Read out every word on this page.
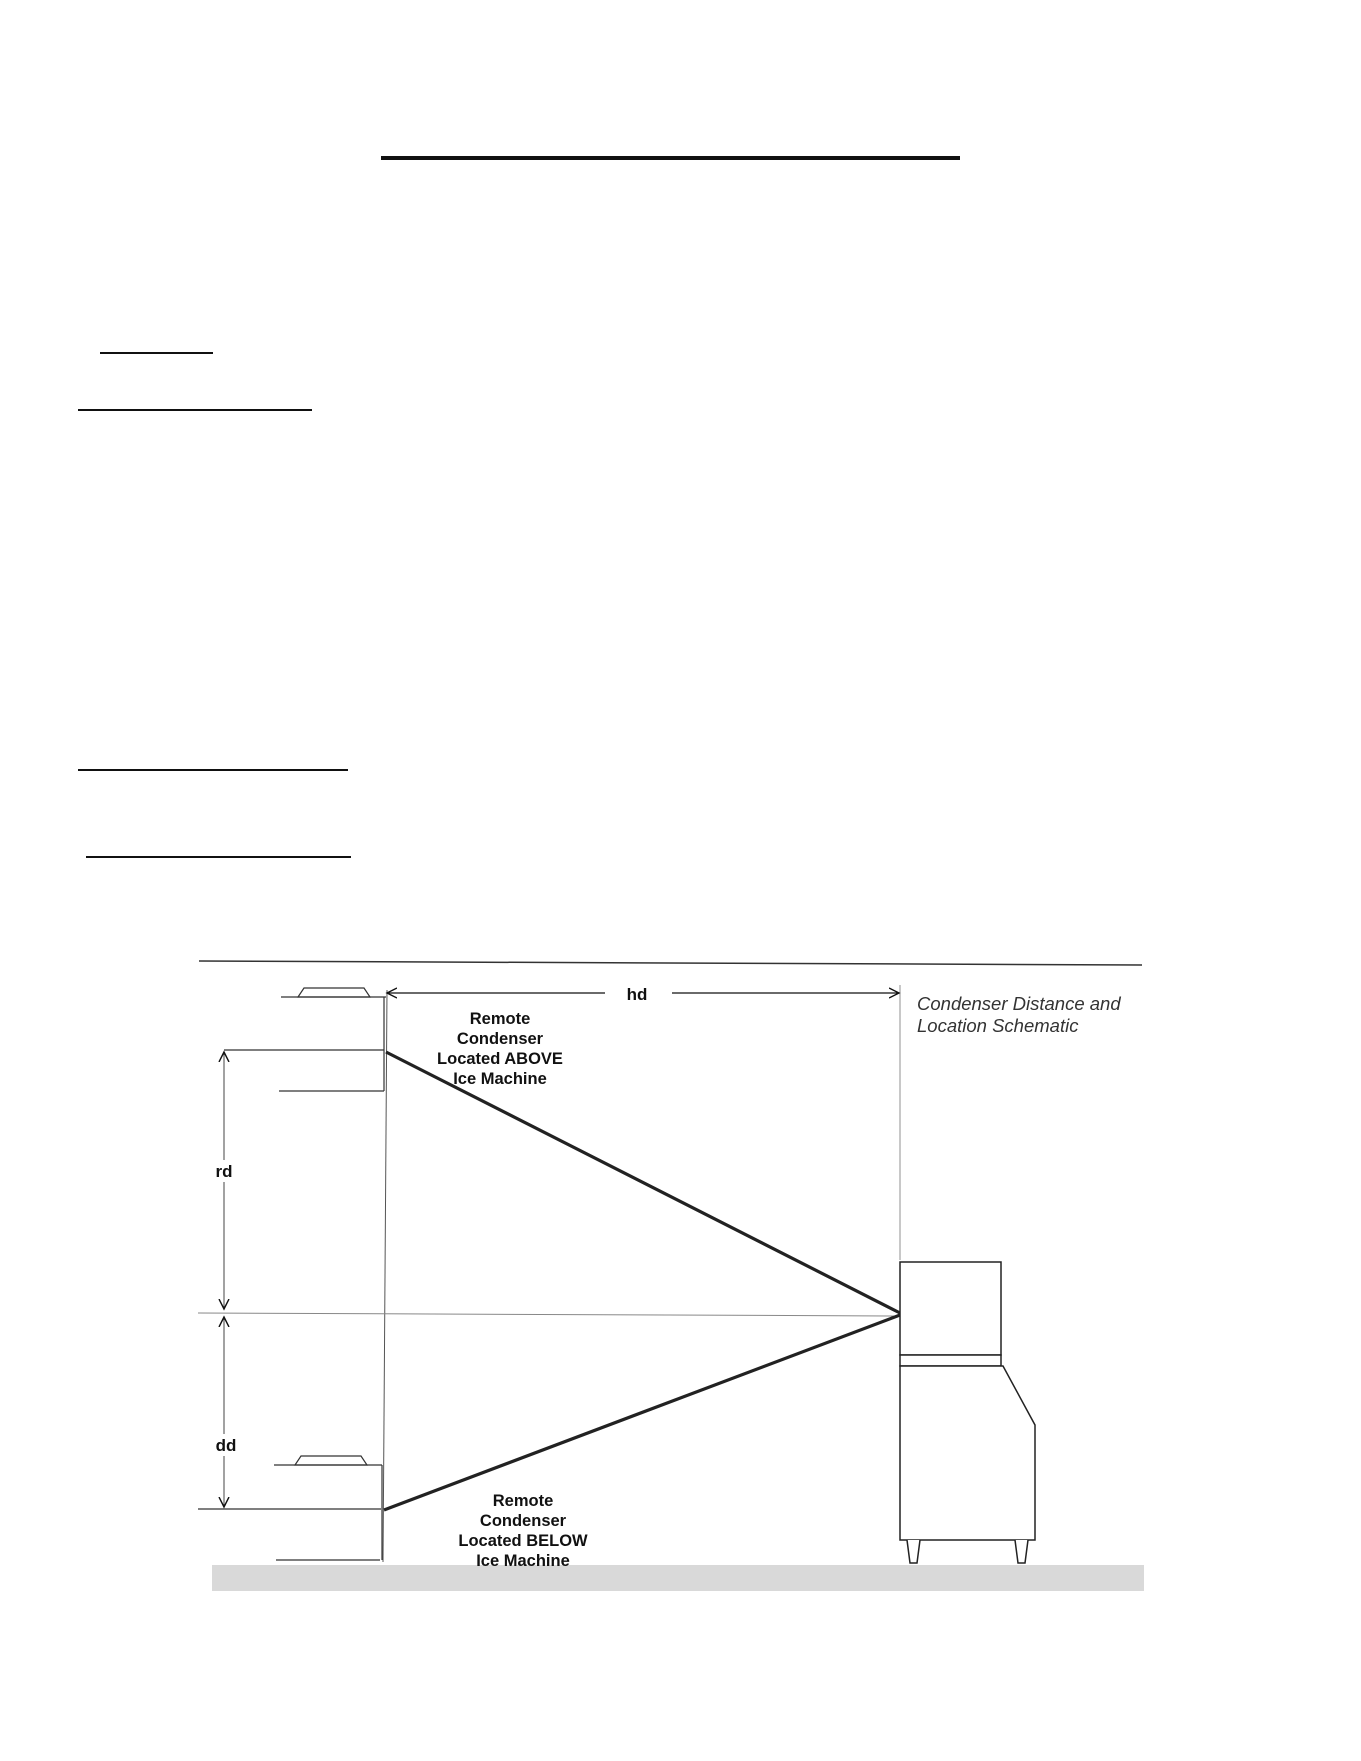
hd
rd
dd
Remote
Condenser
Located ABOVE
Ice Machine
Remote
Condenser
Located BELOW
Ice Machine
Condenser Distance and
Location Schematic
